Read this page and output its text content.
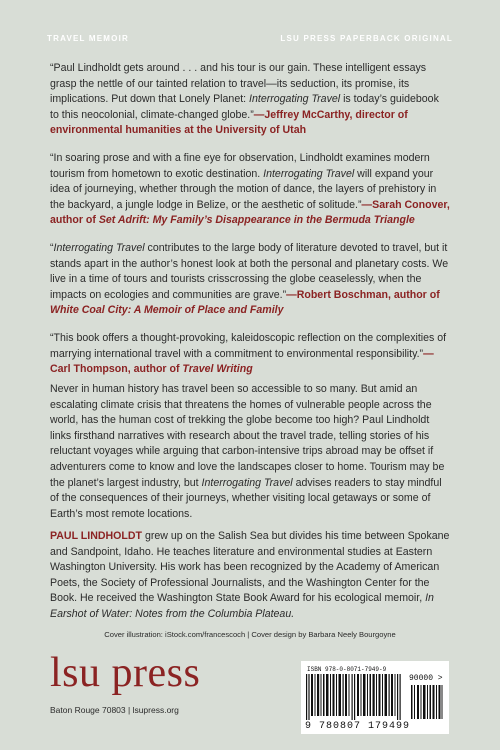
TRAVEL MEMOIR	LSU PRESS PAPERBACK ORIGINAL

“Paul Lindholdt gets around . . . and his tour is our gain. These intelligent essays grasp the nettle of our tainted relation to travel—its seduction, its promise, its implications. Put down that Lonely Planet: Interrogating Travel is today’s guidebook to this neocolonial, climate-changed globe.”—Jeffrey McCarthy, director of environmental humanities at the University of Utah

“In soaring prose and with a fine eye for observation, Lindholdt examines modern tourism from hometown to exotic destination. Interrogating Travel will expand your idea of journeying, whether through the motion of dance, the layers of prehistory in the backyard, a jungle lodge in Belize, or the aesthetic of solitude.”—Sarah Conover, author of Set Adrift: My Family’s Disappearance in the Bermuda Triangle

“Interrogating Travel contributes to the large body of literature devoted to travel, but it stands apart in the author’s honest look at both the personal and planetary costs. We live in a time of tours and tourists crisscrossing the globe ceaselessly, when the impacts on ecologies and communities are grave.”—Robert Boschman, author of White Coal City: A Memoir of Place and Family

“This book offers a thought-provoking, kaleidoscopic reflection on the complexities of marrying international travel with a commitment to environmental responsibility.”—Carl Thompson, author of Travel Writing

Never in human history has travel been so accessible to so many. But amid an escalating climate crisis that threatens the homes of vulnerable people across the world, has the human cost of trekking the globe become too high? Paul Lindholdt links firsthand narratives with research about the travel trade, telling stories of his reluctant voyages while arguing that carbon-intensive trips abroad may be offset if adventurers come to know and love the landscapes closer to home. Tourism may be the planet’s largest industry, but Interrogating Travel advises readers to stay mindful of the consequences of their journeys, whether visiting local getaways or some of Earth’s most remote locations.

PAUL LINDHOLDT grew up on the Salish Sea but divides his time between Spokane and Sandpoint, Idaho. He teaches literature and environmental studies at Eastern Washington University. His work has been recognized by the Academy of American Poets, the Society of Professional Journalists, and the Washington Center for the Book. He received the Washington State Book Award for his ecological memoir, In Earshot of Water: Notes from the Columbia Plateau.

Cover illustration: iStock.com/francescoch | Cover design by Barbara Neely Bourgoyne
lsu press
Baton Rouge 70803 | lsupress.org
ISBN 978-0-8071-7949-9
90000 >
9 780807 179499
